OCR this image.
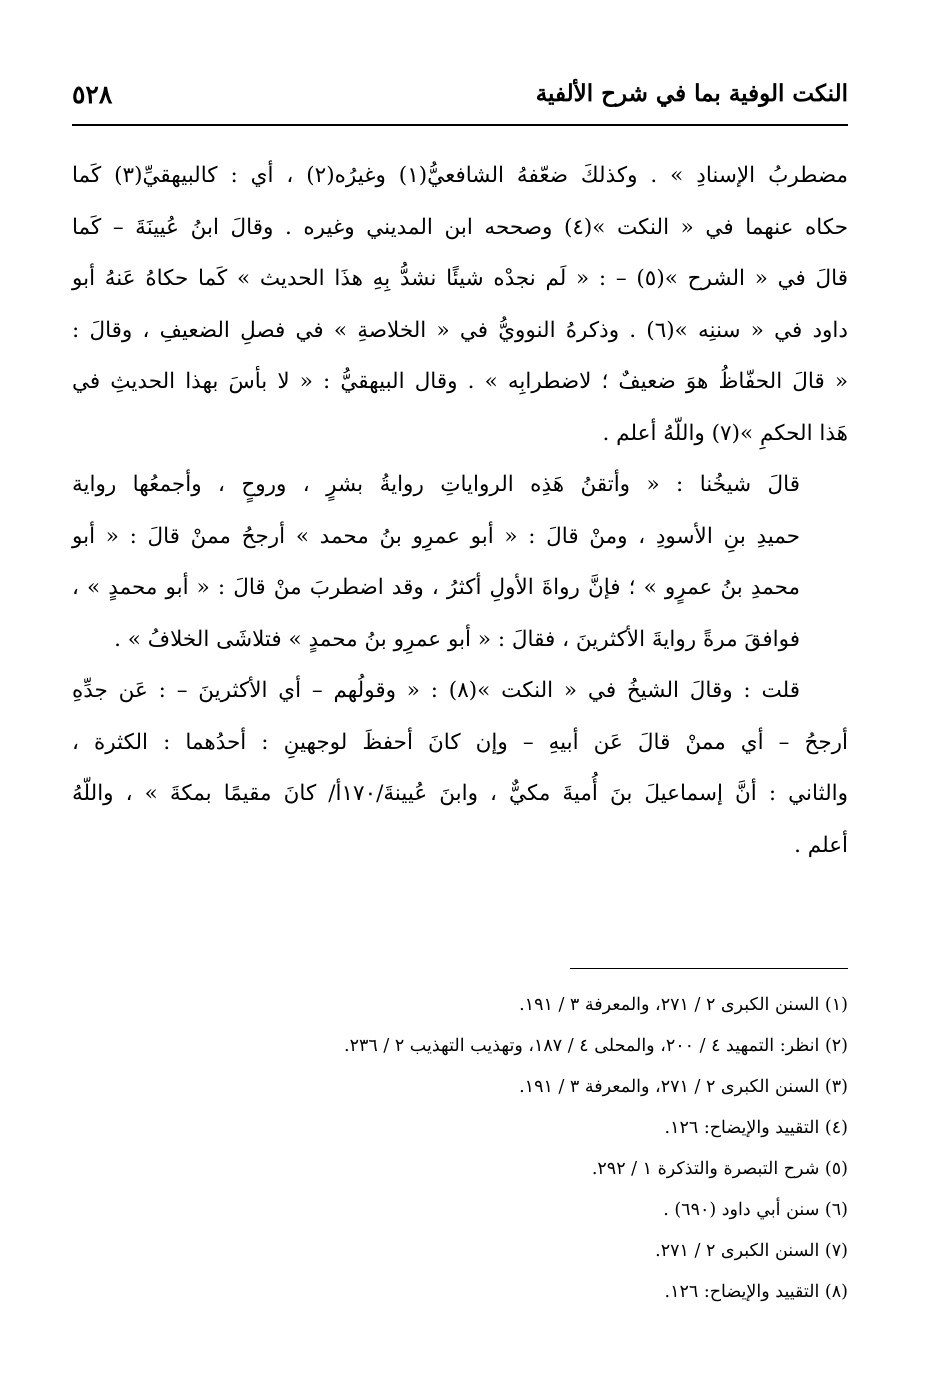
النكت الوفية بما في شرح الألفية
٥٢٨

مضطربُ الإسنادِ » . وكذلكَ ضعّفهُ الشافعيُّ(١) وغيرُه(٢) ، أي : كالبيهقيِّ(٣) كَما
حكاه عنهما في « النكت »(٤) وصححه ابن المديني وغيره . وقالَ ابنُ عُيينَةَ – كَما
قالَ في « الشرح »(٥) – : « لَم نجدْه شيئًا نشدُّ بِهِ هذَا الحديث » كَما حكاهُ عَنهُ أبو
داود في « سننِه »(٦) . وذكرهُ النوويُّ في « الخلاصةِ » في فصلِ الضعيفِ ، وقالَ :
« قالَ الحفّاظُ هوَ ضعيفٌ ؛ لاضطرابِه » . وقال البيهقيُّ : « لا بأسَ بهذا الحديثِ في
هَذا الحكمِ »(٧) واللّهُ أعلم .

قالَ شيخُنا : « وأتقنُ هَذِه الرواياتِ روايةُ بشرٍ ، وروحٍ ، وأجمعُها رواية
حميدِ بنِ الأسودِ ، ومنْ قالَ : « أبو عمرِو بنُ محمد » أرجحُ ممنْ قالَ : « أبو
محمدِ بنُ عمرٍو » ؛ فإنَّ رواةَ الأولِ أكثرُ ، وقد اضطربَ منْ قالَ : « أبو محمدٍ » ،
فوافقَ مرةً روايةَ الأكثرينَ ، فقالَ : « أبو عمرِو بنُ محمدٍ » فتلاشَى الخلافُ » .

قلت : وقالَ الشيخُ في « النكت »(٨) : « وقولُهم – أي الأكثرينَ – : عَن جدِّهِ
أرجحُ – أي ممنْ قالَ عَن أبيهِ – وإن كانَ أحفظَ لوجهينِ : أحدُهما : الكثرة ،
والثاني : أنَّ إسماعيلَ بنَ أُميةَ مكيٌّ ، وابنَ عُيينةَ/١٧٠أ/ كانَ مقيمًا بمكةَ » ، واللّهُ
أعلم .

(١) السنن الكبرى ٢ / ٢٧١، والمعرفة ٣ / ١٩١.
(٢) انظر: التمهيد ٤ / ٢٠٠، والمحلى ٤ / ١٨٧، وتهذيب التهذيب ٢ / ٢٣٦.
(٣) السنن الكبرى ٢ / ٢٧١، والمعرفة ٣ / ١٩١.
(٤) التقييد والإيضاح: ١٢٦.
(٥) شرح التبصرة والتذكرة ١ / ٢٩٢.
(٦) سنن أبي داود (٦٩٠) .
(٧) السنن الكبرى ٢ / ٢٧١.
(٨) التقييد والإيضاح: ١٢٦.
